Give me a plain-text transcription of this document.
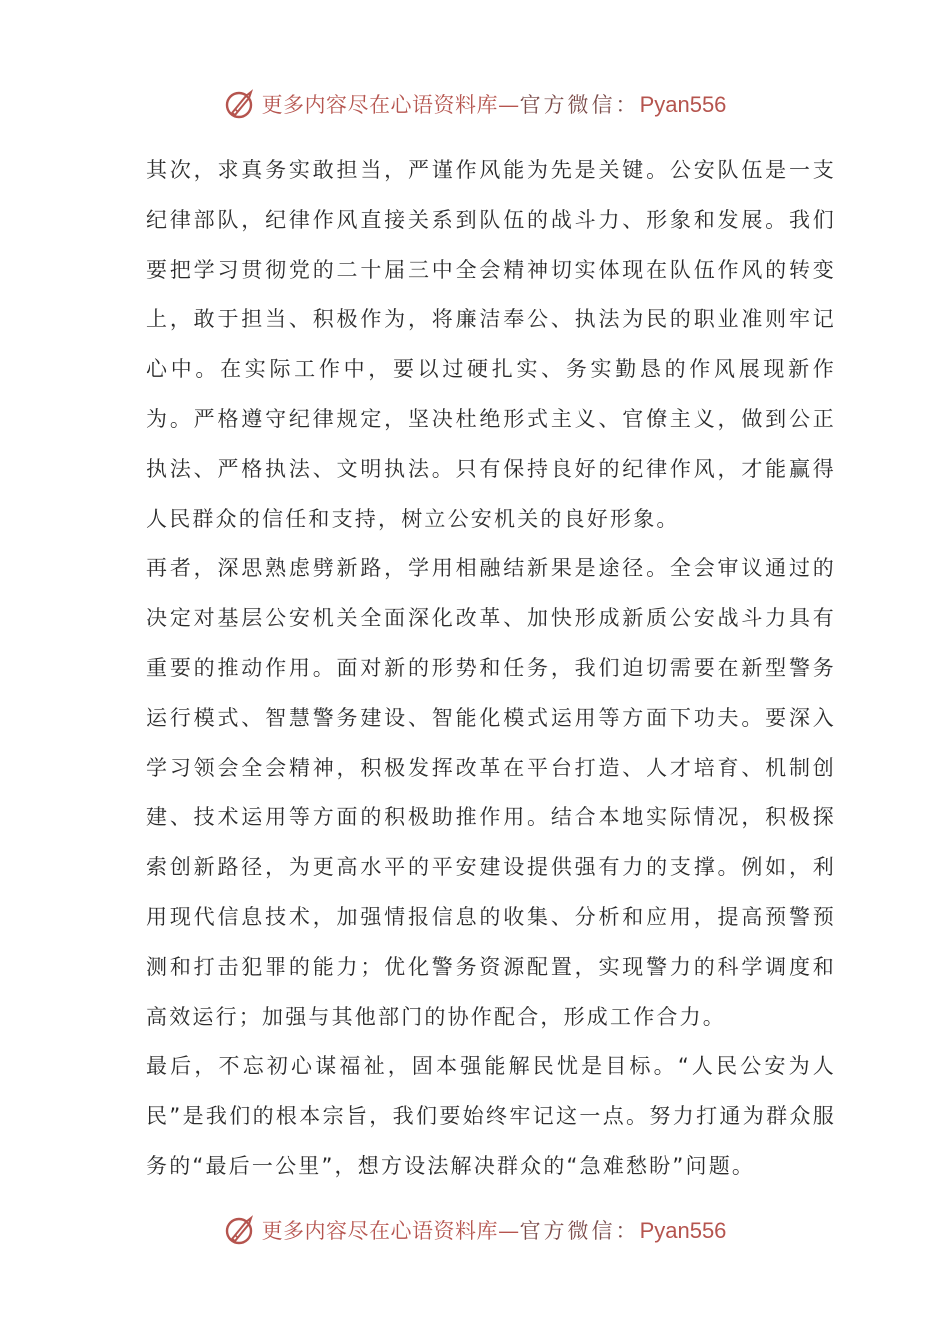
更多内容尽在心语资料库—官方微信：Pyan556

其次，求真务实敢担当，严谨作风能为先是关键。公安队伍是一支纪律部队，纪律作风直接关系到队伍的战斗力、形象和发展。我们要把学习贯彻党的二十届三中全会精神切实体现在队伍作风的转变上，敢于担当、积极作为，将廉洁奉公、执法为民的职业准则牢记心中。在实际工作中，要以过硬扎实、务实勤恳的作风展现新作为。严格遵守纪律规定，坚决杜绝形式主义、官僚主义，做到公正执法、严格执法、文明执法。只有保持良好的纪律作风，才能赢得人民群众的信任和支持，树立公安机关的良好形象。

再者，深思熟虑劈新路，学用相融结新果是途径。全会审议通过的决定对基层公安机关全面深化改革、加快形成新质公安战斗力具有重要的推动作用。面对新的形势和任务，我们迫切需要在新型警务运行模式、智慧警务建设、智能化模式运用等方面下功夫。要深入学习领会全会精神，积极发挥改革在平台打造、人才培育、机制创建、技术运用等方面的积极助推作用。结合本地实际情况，积极探索创新路径，为更高水平的平安建设提供强有力的支撑。例如，利用现代信息技术，加强情报信息的收集、分析和应用，提高预警预测和打击犯罪的能力；优化警务资源配置，实现警力的科学调度和高效运行；加强与其他部门的协作配合，形成工作合力。

最后，不忘初心谋福祉，固本强能解民忧是目标。“人民公安为人民”是我们的根本宗旨，我们要始终牢记这一点。努力打通为群众服务的“最后一公里”，想方设法解决群众的“急难愁盼”问题。

更多内容尽在心语资料库—官方微信：Pyan556
